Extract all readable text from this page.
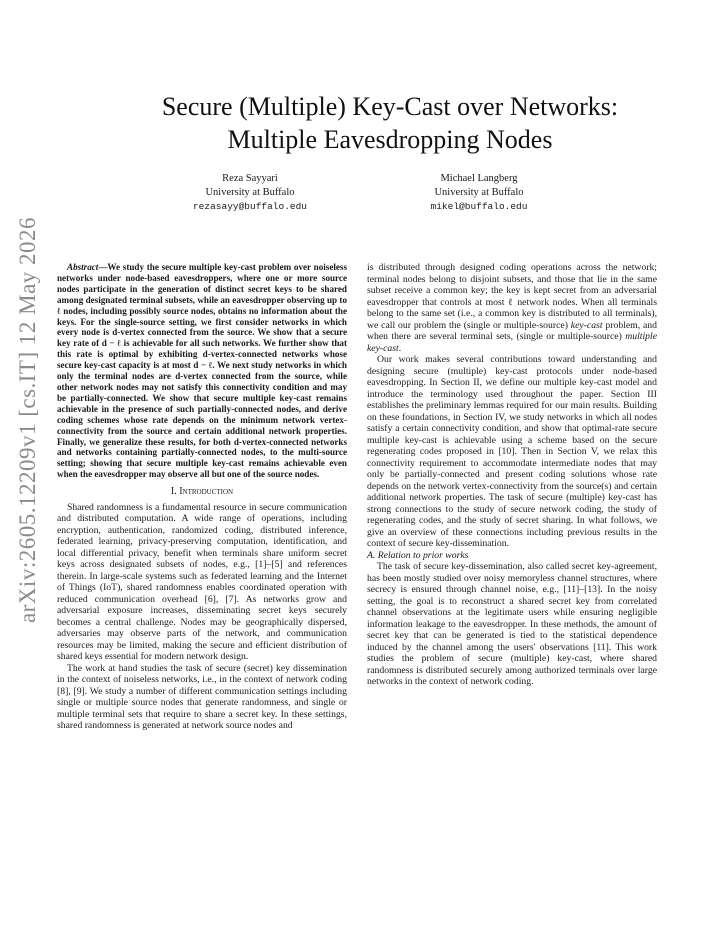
arXiv:2605.12209v1 [cs.IT] 12 May 2026
Secure (Multiple) Key-Cast over Networks:
Multiple Eavesdropping Nodes
Reza Sayyari
University at Buffalo
rezasayy@buffalo.edu
Michael Langberg
University at Buffalo
mikel@buffalo.edu

Abstract—We study the secure multiple key-cast problem over noiseless networks under node-based eavesdroppers, where one or more source nodes participate in the generation of distinct secret keys to be shared among designated terminal subsets, while an eavesdropper observing up to ℓ nodes, including possibly source nodes, obtains no information about the keys. For the single-source setting, we first consider networks in which every node is d-vertex connected from the source. We show that a secure key rate of d − ℓ is achievable for all such networks. We further show that this rate is optimal by exhibiting d-vertex-connected networks whose secure key-cast capacity is at most d − ℓ. We next study networks in which only the terminal nodes are d-vertex connected from the source, while other network nodes may not satisfy this connectivity condition and may be partially-connected. We show that secure multiple key-cast remains achievable in the presence of such partially-connected nodes, and derive coding schemes whose rate depends on the minimum network vertex-connectivity from the source and certain additional network properties. Finally, we generalize these results, for both d-vertex-connected networks and networks containing partially-connected nodes, to the multi-source setting; showing that secure multiple key-cast remains achievable even when the eavesdropper may observe all but one of the source nodes.

I. Introduction

Shared randomness is a fundamental resource in secure communication and distributed computation. A wide range of operations, including encryption, authentication, randomized coding, distributed inference, federated learning, privacy-preserving computation, identification, and local differential privacy, benefit when terminals share uniform secret keys across designated subsets of nodes, e.g., [1]–[5] and references therein. In large-scale systems such as federated learning and the Internet of Things (IoT), shared randomness enables coordinated operation with reduced communication overhead [6], [7]. As networks grow and adversarial exposure increases, disseminating secret keys securely becomes a central challenge. Nodes may be geographically dispersed, adversaries may observe parts of the network, and communication resources may be limited, making the secure and efficient distribution of shared keys essential for modern network design.

The work at hand studies the task of secure (secret) key dissemination in the context of noiseless networks, i.e., in the context of network coding [8], [9]. We study a number of different communication settings including single or multiple source nodes that generate randomness, and single or multiple terminal sets that require to share a secret key. In these settings, shared randomness is generated at network source nodes and

is distributed through designed coding operations across the network; terminal nodes belong to disjoint subsets, and those that lie in the same subset receive a common key; the key is kept secret from an adversarial eavesdropper that controls at most ℓ network nodes. When all terminals belong to the same set (i.e., a common key is distributed to all terminals), we call our problem the (single or multiple-source) key-cast problem, and when there are several terminal sets, (single or multiple-source) multiple key-cast.

Our work makes several contributions toward understanding and designing secure (multiple) key-cast protocols under node-based eavesdropping. In Section II, we define our multiple key-cast model and introduce the terminology used throughout the paper. Section III establishes the preliminary lemmas required for our main results. Building on these foundations, in Section IV, we study networks in which all nodes satisfy a certain connectivity condition, and show that optimal-rate secure multiple key-cast is achievable using a scheme based on the secure regenerating codes proposed in [10]. Then in Section V, we relax this connectivity requirement to accommodate intermediate nodes that may only be partially-connected and present coding solutions whose rate depends on the network vertex-connectivity from the source(s) and certain additional network properties. The task of secure (multiple) key-cast has strong connections to the study of secure network coding, the study of regenerating codes, and the study of secret sharing. In what follows, we give an overview of these connections including previous results in the context of secure key-dissemination.

A. Relation to prior works

The task of secure key-dissemination, also called secret key-agreement, has been mostly studied over noisy memoryless channel structures, where secrecy is ensured through channel noise, e.g., [11]–[13]. In the noisy setting, the goal is to reconstruct a shared secret key from correlated channel observations at the legitimate users while ensuring negligible information leakage to the eavesdropper. In these methods, the amount of secret key that can be generated is tied to the statistical dependence induced by the channel among the users' observations [11]. This work studies the problem of secure (multiple) key-cast, where shared randomness is distributed securely among authorized terminals over large networks in the context of network coding.
